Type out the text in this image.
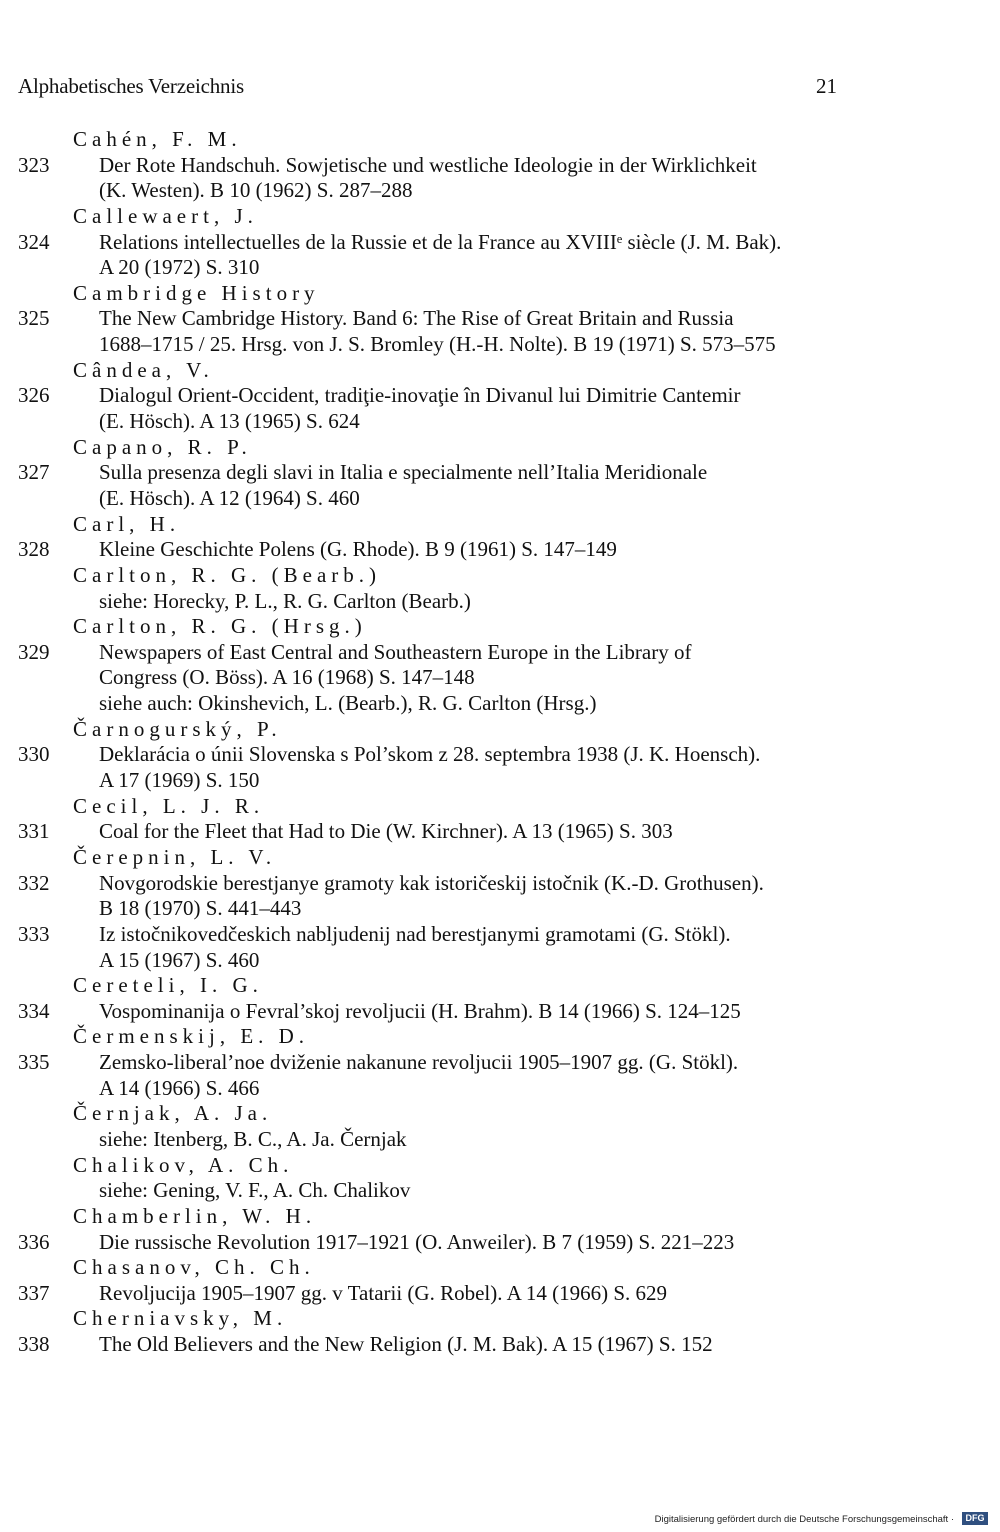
Alphabetisches Verzeichnis	21
Cahén, F. M.
323 Der Rote Handschuh. Sowjetische und westliche Ideologie in der Wirklichkeit
(K. Westen). B 10 (1962) S. 287–288
Callewaert, J.
324 Relations intellectuelles de la Russie et de la France au XVIIIᵉ siècle (J. M. Bak).
A 20 (1972) S. 310
Cambridge History
325 The New Cambridge History. Band 6: The Rise of Great Britain and Russia
1688–1715 / 25. Hrsg. von J. S. Bromley (H.-H. Nolte). B 19 (1971) S. 573–575
Cândea, V.
326 Dialogul Orient-Occident, tradiţie-inovaţie în Divanul lui Dimitrie Cantemir
(E. Hösch). A 13 (1965) S. 624
Capano, R. P.
327 Sulla presenza degli slavi in Italia e specialmente nell’Italia Meridionale
(E. Hösch). A 12 (1964) S. 460
Carl, H.
328 Kleine Geschichte Polens (G. Rhode). B 9 (1961) S. 147–149
Carlton, R. G. (Bearb.)
siehe: Horecky, P. L., R. G. Carlton (Bearb.)
Carlton, R. G. (Hrsg.)
329 Newspapers of East Central and Southeastern Europe in the Library of
Congress (O. Böss). A 16 (1968) S. 147–148
siehe auch: Okinshevich, L. (Bearb.), R. G. Carlton (Hrsg.)
Čarnogurský, P.
330 Deklarácia o únii Slovenska s Pol’skom z 28. septembra 1938 (J. K. Hoensch).
A 17 (1969) S. 150
Cecil, L. J. R.
331 Coal for the Fleet that Had to Die (W. Kirchner). A 13 (1965) S. 303
Čerepnin, L. V.
332 Novgorodskie berestjanye gramoty kak istoričeskij istočnik (K.-D. Grothusen).
B 18 (1970) S. 441–443
333 Iz istočnikovedčeskich nabljudenij nad berestjanymi gramotami (G. Stökl).
A 15 (1967) S. 460
Cereteli, I. G.
334 Vospominanija o Fevral’skoj revoljucii (H. Brahm). B 14 (1966) S. 124–125
Čermenskij, E. D.
335 Zemsko-liberal’noe dviženie nakanune revoljucii 1905–1907 gg. (G. Stökl).
A 14 (1966) S. 466
Černjak, A. Ja.
siehe: Itenberg, B. C., A. Ja. Černjak
Chalikov, A. Ch.
siehe: Gening, V. F., A. Ch. Chalikov
Chamberlin, W. H.
336 Die russische Revolution 1917–1921 (O. Anweiler). B 7 (1959) S. 221–223
Chasanov, Ch. Ch.
337 Revoljucija 1905–1907 gg. v Tatarii (G. Robel). A 14 (1966) S. 629
Cherniavsky, M.
338 The Old Believers and the New Religion (J. M. Bak). A 15 (1967) S. 152
Digitalisierung gefördert durch die Deutsche Forschungsgemeinschaft ·	DFG
